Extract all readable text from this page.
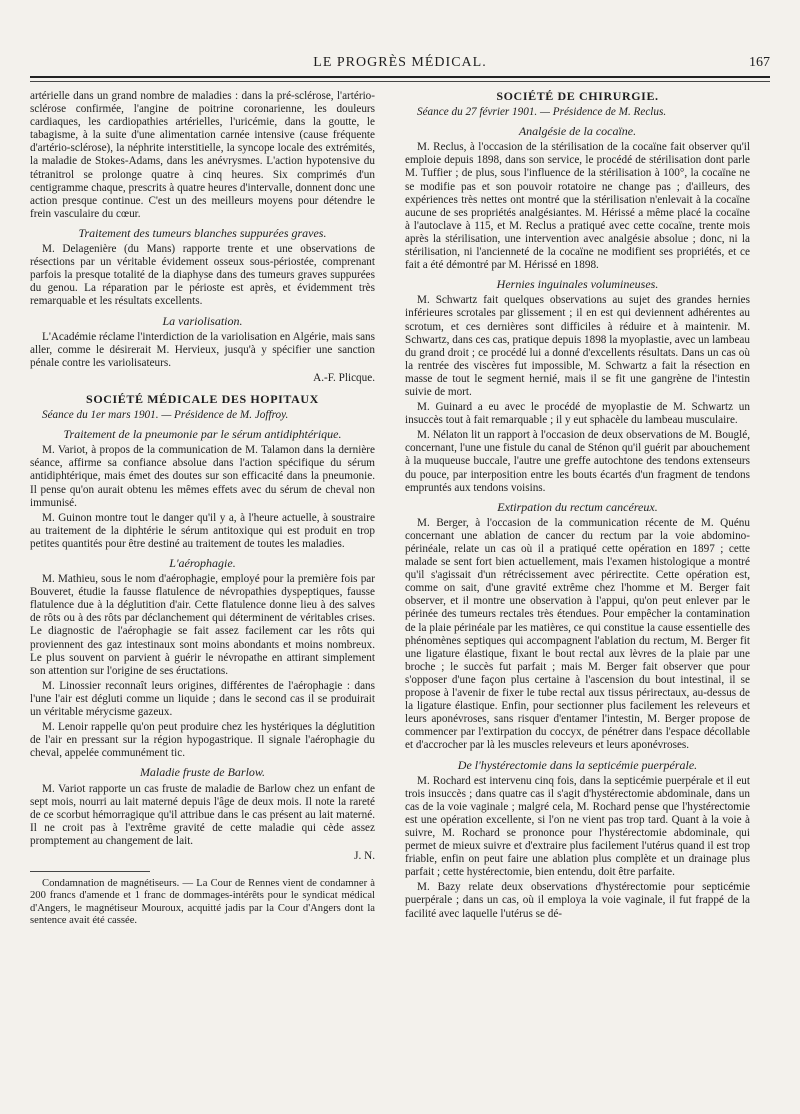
LE PROGRÈS MÉDICAL.	167

artérielle dans un grand nombre de maladies : dans la pré-sclérose, l'artério-sclérose confirmée, l'angine de poitrine coronarienne, les douleurs cardiaques, les cardiopathies artérielles, l'uricémie, dans la goutte, le tabagisme, à la suite d'une alimentation carnée intensive (cause fréquente d'artério-sclérose), la néphrite interstitielle, la syncope locale des extrémités, la maladie de Stokes-Adams, dans les anévrysmes. L'action hypotensive du tétranitrol se prolonge quatre à cinq heures. Six comprimés d'un centigramme chaque, prescrits à quatre heures d'intervalle, donnent donc une action presque continue. C'est un des meilleurs moyens pour détendre le frein vasculaire du cœur.

Traitement des tumeurs blanches suppurées graves.

M. Delagenière (du Mans) rapporte trente et une observations de résections par un véritable évidement osseux sous-périostée, comprenant parfois la presque totalité de la diaphyse dans des tumeurs graves suppurées du genou. La réparation par le périoste est après, et évidemment très remarquable et les résultats excellents.

La variolisation.

L'Académie réclame l'interdiction de la variolisation en Algérie, mais sans aller, comme le désirerait M. Hervieux, jusqu'à y spécifier une sanction pénale contre les variolisateurs.

A.-F. Plicque.
SOCIÉTÉ MÉDICALE DES HOPITAUX
Séance du 1er mars 1901. — Présidence de M. Joffroy.
Traitement de la pneumonie par le sérum antidiphtérique.

M. Variot, à propos de la communication de M. Talamon dans la dernière séance, affirme sa confiance absolue dans l'action spécifique du sérum antidiphtérique, mais émet des doutes sur son efficacité dans la pneumonie. Il pense qu'on aurait obtenu les mêmes effets avec du sérum de cheval non immunisé.

M. Guinon montre tout le danger qu'il y a, à l'heure actuelle, à soustraire au traitement de la diphtérie le sérum antitoxique qui est produit en trop petites quantités pour être destiné au traitement de toutes les maladies.

L'aérophagie.

M. Mathieu, sous le nom d'aérophagie, employé pour la première fois par Bouveret, étudie la fausse flatulence de névropathies dyspeptiques, fausse flatulence due à la déglutition d'air. Cette flatulence donne lieu à des salves de rôts ou à des rôts par déclanchement qui déterminent de véritables crises. Le diagnostic de l'aérophagie se fait assez facilement car les rôts qui proviennent des gaz intestinaux sont moins abondants et moins nombreux. Le plus souvent on parvient à guérir le névropathe en attirant simplement son attention sur l'origine de ses éructations.

M. Linossier reconnaît leurs origines, différentes de l'aérophagie : dans l'une l'air est dégluti comme un liquide ; dans le second cas il se produirait un véritable mérycisme gazeux.

M. Lenoir rappelle qu'on peut produire chez les hystériques la déglutition de l'air en pressant sur la région hypogastrique. Il signale l'aérophagie du cheval, appelée communément tic.

Maladie fruste de Barlow.

M. Variot rapporte un cas fruste de maladie de Barlow chez un enfant de sept mois, nourri au lait materné depuis l'âge de deux mois. Il note la rareté de ce scorbut hémorragique qu'il attribue dans le cas présent au lait materné. Il ne croit pas à l'extrême gravité de cette maladie qui cède assez promptement au changement de lait.

J. N.

Condamnation de magnétiseurs. — La Cour de Rennes vient de condamner à 200 francs d'amende et 1 franc de dommages-intérêts pour le syndicat médical d'Angers, le magnétiseur Mouroux, acquitté jadis par la Cour d'Angers dont la sentence avait été cassée.

SOCIÉTÉ DE CHIRURGIE.
Séance du 27 février 1901. — Présidence de M. Reclus.
Analgésie de la cocaïne.

M. Reclus, à l'occasion de la stérilisation de la cocaïne fait observer qu'il emploie depuis 1898, dans son service, le procédé de stérilisation dont parle M. Tuffier ; de plus, sous l'influence de la stérilisation à 100°, la cocaïne ne se modifie pas et son pouvoir rotatoire ne change pas ; d'ailleurs, des expériences très nettes ont montré que la stérilisation n'enlevait à la cocaïne aucune de ses propriétés analgésiantes. M. Hérissé a même placé la cocaïne à l'autoclave à 115, et M. Reclus a pratiqué avec cette cocaïne, trente mois après la stérilisation, une intervention avec analgésie absolue ; donc, ni la stérilisation, ni l'ancienneté de la cocaïne ne modifient ses propriétés, et ce fait a été démontré par M. Hérissé en 1898.

Hernies inguinales volumineuses.

M. Schwartz fait quelques observations au sujet des grandes hernies inférieures scrotales par glissement ; il en est qui deviennent adhérentes au scrotum, et ces dernières sont difficiles à réduire et à maintenir. M. Schwartz, dans ces cas, pratique depuis 1898 la myoplastie, avec un lambeau du grand droit ; ce procédé lui a donné d'excellents résultats. Dans un cas où la rentrée des viscères fut impossible, M. Schwartz a fait la résection en masse de tout le segment hernié, mais il se fit une gangrène de l'intestin suivie de mort.

M. Guinard a eu avec le procédé de myoplastie de M. Schwartz un insuccès tout à fait remarquable ; il y eut sphacèle du lambeau musculaire.

M. Nélaton lit un rapport à l'occasion de deux observations de M. Bouglé, concernant, l'une une fistule du canal de Sténon qu'il guérit par abouchement à la muqueuse buccale, l'autre une greffe autochtone des tendons extenseurs du pouce, par interposition entre les bouts écartés d'un fragment de tendons empruntés aux tendons voisins.

Extirpation du rectum cancéreux.

M. Berger, à l'occasion de la communication récente de M. Quénu concernant une ablation de cancer du rectum par la voie abdomino-périnéale, relate un cas où il a pratiqué cette opération en 1897 ; cette malade se sent fort bien actuellement, mais l'examen histologique a montré qu'il s'agissait d'un rétrécissement avec périrectite. Cette opération est, comme on sait, d'une gravité extrême chez l'homme et M. Berger fait observer, et il montre une observation à l'appui, qu'on peut enlever par le périnée des tumeurs rectales très étendues. Pour empêcher la contamination de la plaie périnéale par les matières, ce qui constitue la cause essentielle des phénomènes septiques qui accompagnent l'ablation du rectum, M. Berger fit une ligature élastique, fixant le bout rectal aux lèvres de la plaie par une broche ; le succès fut parfait ; mais M. Berger fait observer que pour s'opposer d'une façon plus certaine à l'ascension du bout intestinal, il se propose à l'avenir de fixer le tube rectal aux tissus périrectaux, au-dessus de la ligature élastique. Enfin, pour sectionner plus facilement les releveurs et leurs aponévroses, sans risquer d'entamer l'intestin, M. Berger propose de commencer par l'extirpation du coccyx, de pénétrer dans l'espace décollable et d'accrocher par là les muscles releveurs et leurs aponévroses.

De l'hystérectomie dans la septicémie puerpérale.

M. Rochard est intervenu cinq fois, dans la septicémie puerpérale et il eut trois insuccès ; dans quatre cas il s'agit d'hystérectomie abdominale, dans un cas de la voie vaginale ; malgré cela, M. Rochard pense que l'hystérectomie est une opération excellente, si l'on ne vient pas trop tard. Quant à la voie à suivre, M. Rochard se prononce pour l'hystérectomie abdominale, qui permet de mieux suivre et d'extraire plus facilement l'utérus quand il est trop friable, enfin on peut faire une ablation plus complète et un drainage plus parfait ; cette hystérectomie, bien entendu, doit être parfaite.

M. Bazy relate deux observations d'hystérectomie pour septicémie puerpérale ; dans un cas, où il employa la voie vaginale, il fut frappé de la facilité avec laquelle l'utérus se dé-
